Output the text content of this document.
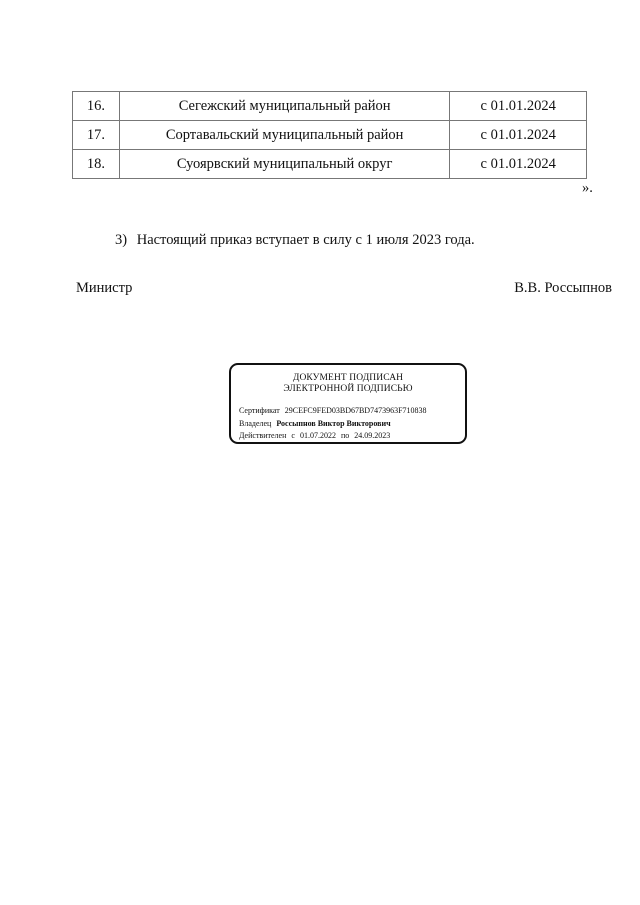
16.	Сегежский муниципальный район	с 01.01.2024
17.	Сортавальский муниципальный район	с 01.01.2024
18.	Суоярвский муниципальный округ	с 01.01.2024
».
3) Настоящий приказ вступает в силу с 1 июля 2023 года.
Министр	В.В. Россыпнов
ДОКУМЕНТ ПОДПИСАН
ЭЛЕКТРОННОЙ ПОДПИСЬЮ
Сертификат 29CEFC9FED03BD67BD7473963F710838
Владелец Россыпнов Виктор Викторович
Действителен с 01.07.2022 по 24.09.2023
